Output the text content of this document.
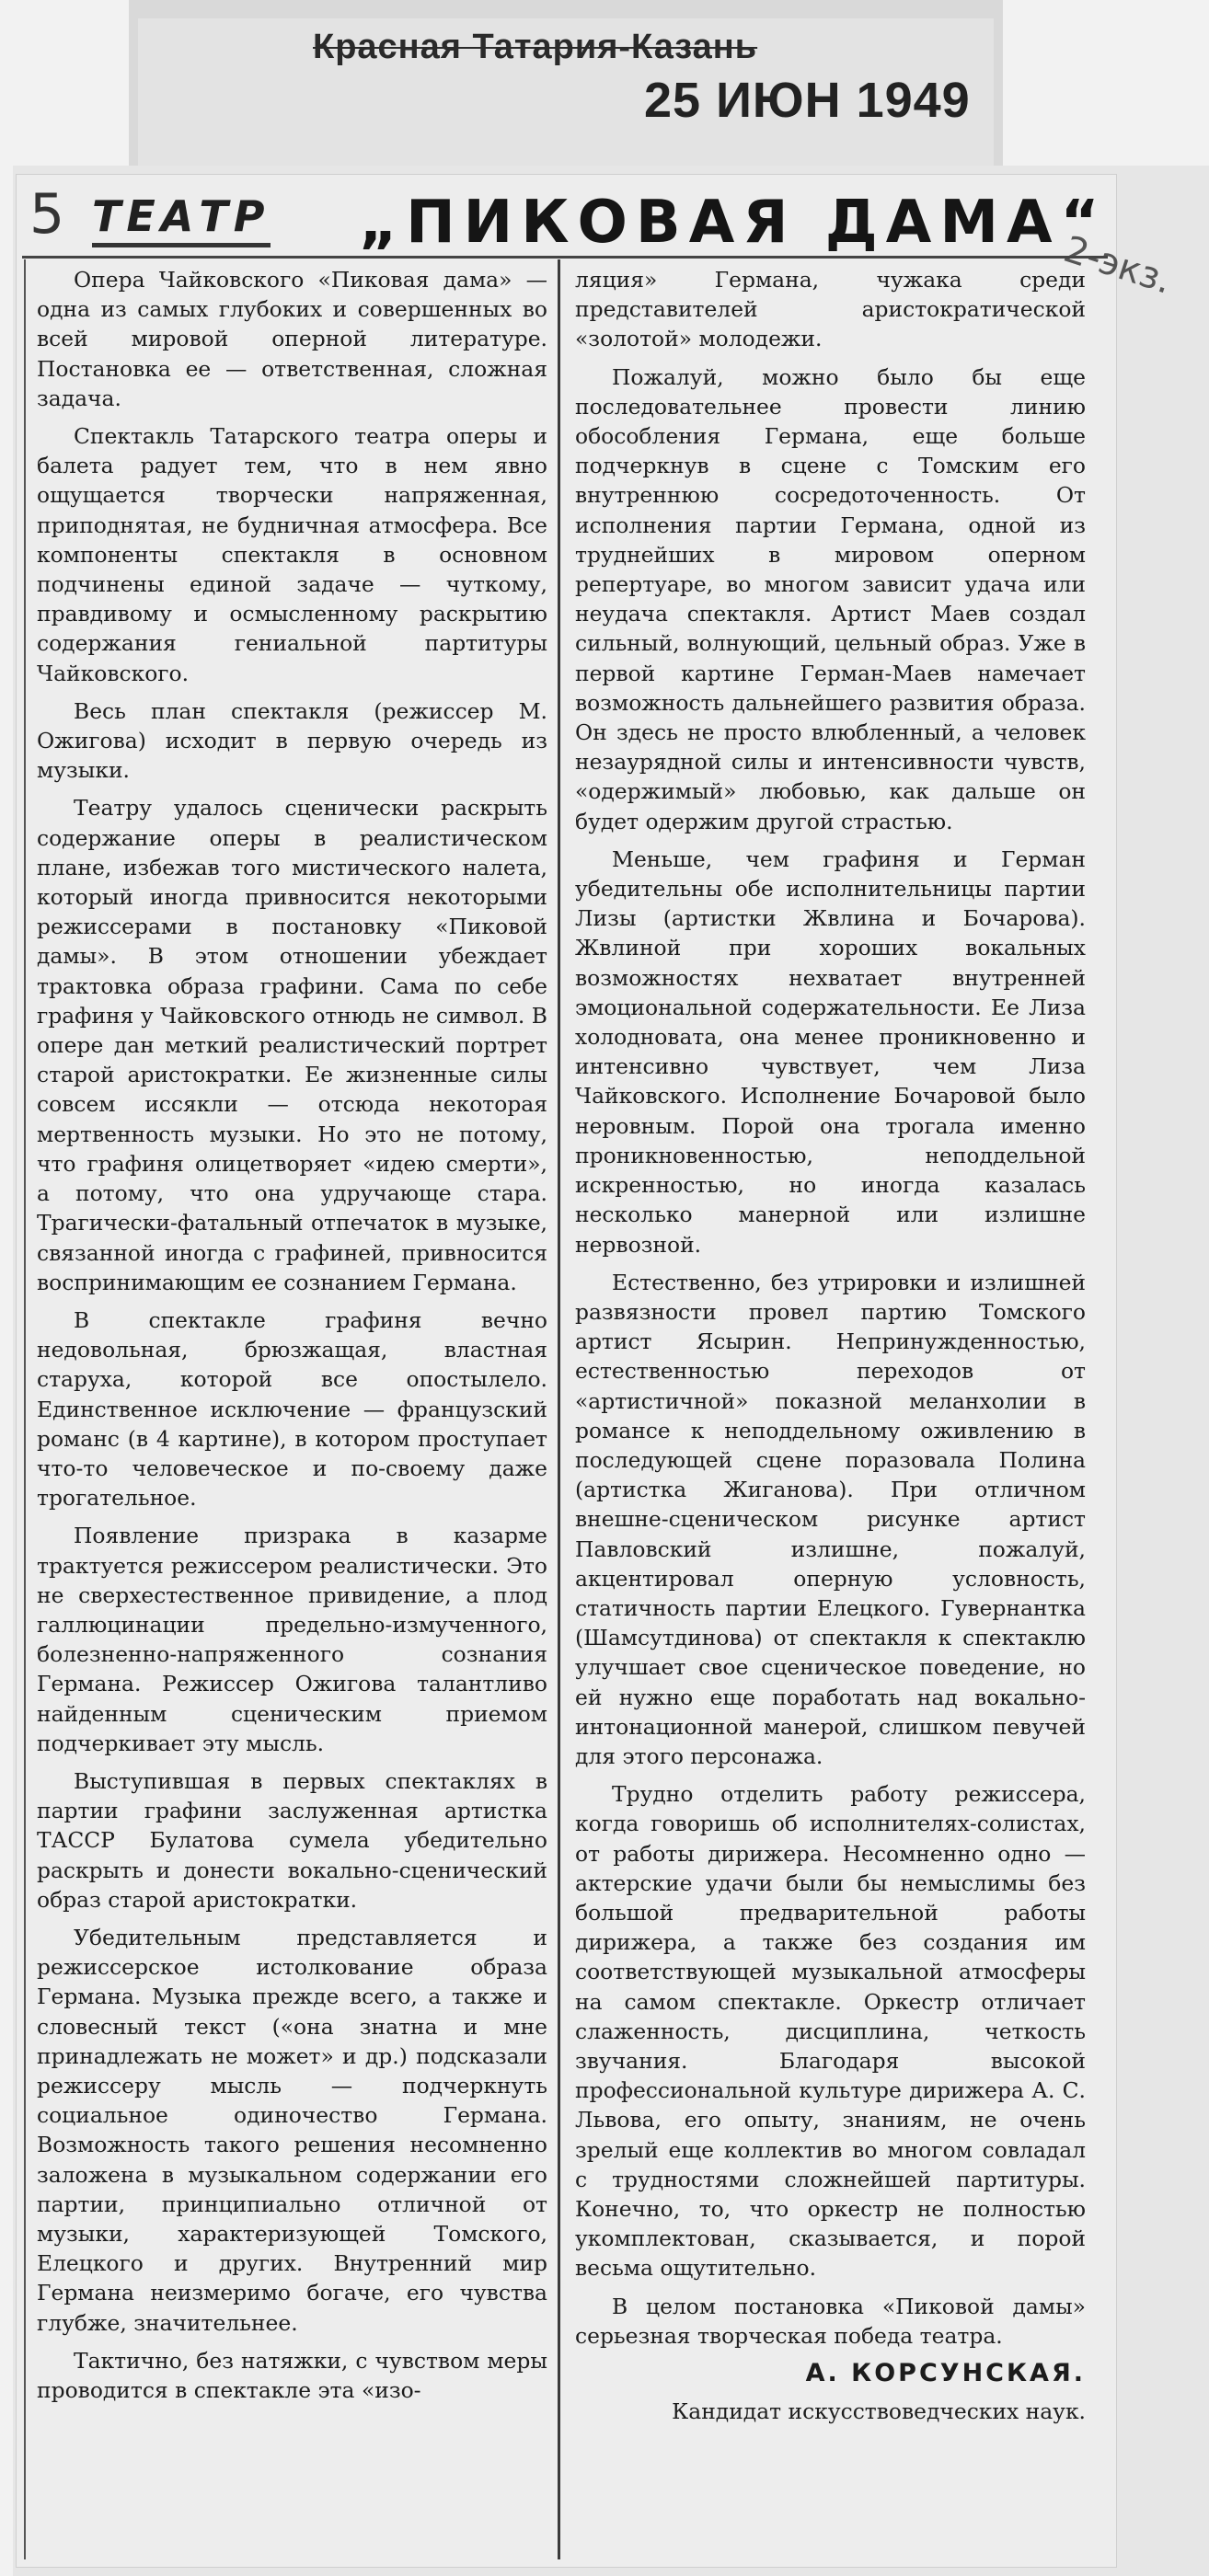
Красная Татария-Казань
25 ИЮН 1949
5 ТЕАТР „ПИКОВАЯ ДАМА“
2-экз.

Опера Чайковского «Пиковая дама» — одна из самых глубоких и совершенных во всей мировой оперной литературе. Постановка ее — ответственная, сложная задача.

Спектакль Татарского театра оперы и балета радует тем, что в нем явно ощущается творчески напряженная, приподнятая, не будничная атмосфера. Все компоненты спектакля в основном подчинены единой задаче — чуткому, правдивому и осмысленному раскрытию содержания гениальной партитуры Чайковского.

Весь план спектакля (режиссер М. Ожигова) исходит в первую очередь из музыки.

Театру удалось сценически раскрыть содержание оперы в реалистическом плане, избежав того мистического налета, который иногда привносится некоторыми режиссерами в постановку «Пиковой дамы». В этом отношении убеждает трактовка образа графини. Сама по себе графиня у Чайковского отнюдь не символ. В опере дан меткий реалистический портрет старой аристократки. Ее жизненные силы совсем иссякли — отсюда некоторая мертвенность музыки. Но это не потому, что графиня олицетворяет «идею смерти», а потому, что она удручающе стара. Трагически-фатальный отпечаток в музыке, связанной иногда с графиней, привносится воспринимающим ее сознанием Германа.

В спектакле графиня вечно недовольная, брюзжащая, властная старуха, которой все опостылело. Единственное исключение — французский романс (в 4 картине), в котором проступает что-то человеческое и по-своему даже трогательное.

Появление призрака в казарме трактуется режиссером реалистически. Это не сверхестественное привидение, а плод галлюцинации предельно-измученного, болезненно-напряженного сознания Германа. Режиссер Ожигова талантливо найденным сценическим приемом подчеркивает эту мысль.

Выступившая в первых спектаклях в партии графини заслуженная артистка ТАССР Булатова сумела убедительно раскрыть и донести вокально-сценический образ старой аристократки.

Убедительным представляется и режиссерское истолкование образа Германа. Музыка прежде всего, а также и словесный текст («она знатна и мне принадлежать не может» и др.) подсказали режиссеру мысль — подчеркнуть социальное одиночество Германа. Возможность такого решения несомненно заложена в музыкальном содержании его партии, принципиально отличной от музыки, характеризующей Томского, Елецкого и других. Внутренний мир Германа неизмеримо богаче, его чувства глубже, значительнее.

Тактично, без натяжки, с чувством меры проводится в спектакле эта «изо-

ляция» Германа, чужака среди представителей аристократической «золотой» молодежи.

Пожалуй, можно было бы еще последовательнее провести линию обособления Германа, еще больше подчеркнув в сцене с Томским его внутреннюю сосредоточенность. От исполнения партии Германа, одной из труднейших в мировом оперном репертуаре, во многом зависит удача или неудача спектакля. Артист Маев создал сильный, волнующий, цельный образ. Уже в первой картине Герман-Маев намечает возможность дальнейшего развития образа. Он здесь не просто влюбленный, а человек незаурядной силы и интенсивности чувств, «одержимый» любовью, как дальше он будет одержим другой страстью.

Меньше, чем графиня и Герман убедительны обе исполнительницы партии Лизы (артистки Жвлина и Бочарова). Жвлиной при хороших вокальных возможностях нехватает внутренней эмоциональной содержательности. Ее Лиза холодновата, она менее проникновенно и интенсивно чувствует, чем Лиза Чайковского. Исполнение Бочаровой было неровным. Порой она трогала именно проникновенностью, неподдельной искренностью, но иногда казалась несколько манерной или излишне нервозной.

Естественно, без утрировки и излишней развязности провел партию Томского артист Ясырин. Непринужденностью, естественностью переходов от «артистичной» показной меланхолии в романсе к неподдельному оживлению в последующей сцене поразовала Полина (артистка Жиганова). При отличном внешне-сценическом рисунке артист Павловский излишне, пожалуй, акцентировал оперную условность, статичность партии Елецкого. Гувернантка (Шамсутдинова) от спектакля к спектаклю улучшает свое сценическое поведение, но ей нужно еще поработать над вокально-интонационной манерой, слишком певучей для этого персонажа.

Трудно отделить работу режиссера, когда говоришь об исполнителях-солистах, от работы дирижера. Несомненно одно — актерские удачи были бы немыслимы без большой предварительной работы дирижера, а также без создания им соответствующей музыкальной атмосферы на самом спектакле. Оркестр отличает слаженность, дисциплина, четкость звучания. Благодаря высокой профессиональной культуре дирижера А. С. Львова, его опыту, знаниям, не очень зрелый еще коллектив во многом совладал с трудностями сложнейшей партитуры. Конечно, то, что оркестр не полностью укомплектован, сказывается, и порой весьма ощутительно.

В целом постановка «Пиковой дамы» серьезная творческая победа театра.

А. КОРСУНСКАЯ.

Кандидат искусствоведческих наук.
